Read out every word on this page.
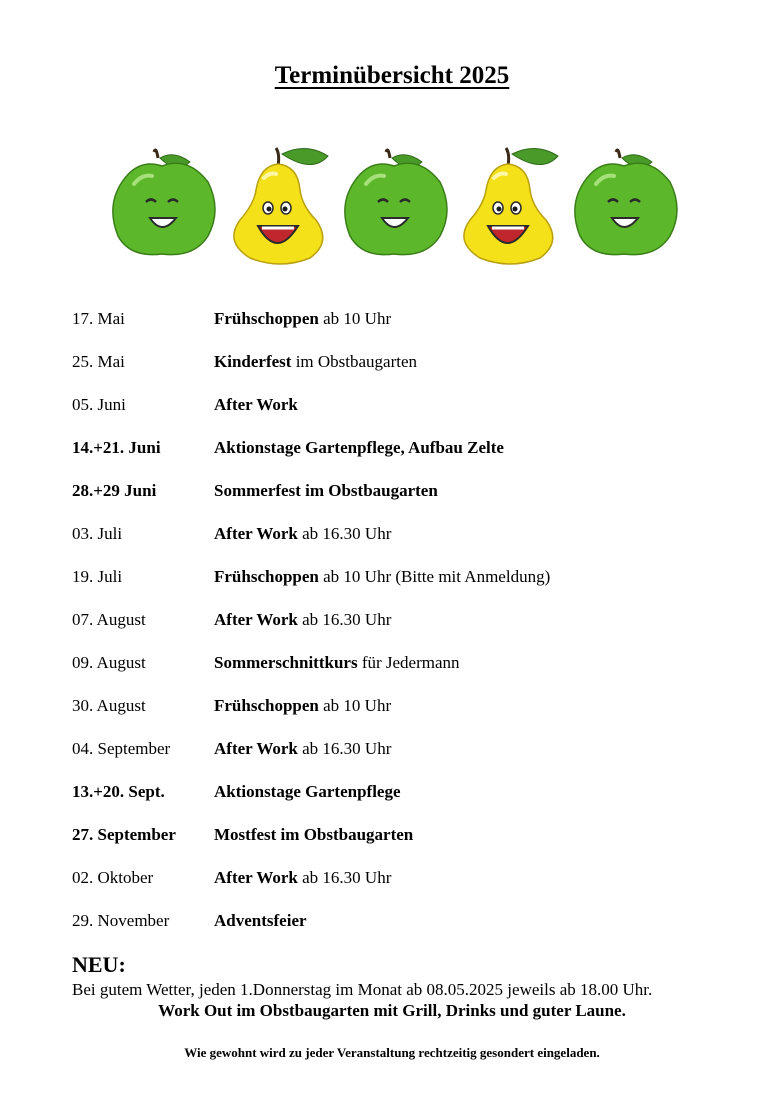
Terminübersicht 2025
17. Mai	Frühschoppen ab 10 Uhr
25. Mai	Kinderfest im Obstbaugarten
05. Juni	After Work
14.+21. Juni	Aktionstage Gartenpflege, Aufbau Zelte
28.+29 Juni	Sommerfest im Obstbaugarten
03. Juli	After Work ab 16.30 Uhr
19. Juli	Frühschoppen ab 10 Uhr (Bitte mit Anmeldung)
07. August	After Work ab 16.30 Uhr
09. August	Sommerschnittkurs für Jedermann
30. August	Frühschoppen ab 10 Uhr
04. September	After Work ab 16.30 Uhr
13.+20. Sept.	Aktionstage Gartenpflege
27. September Mostfest im Obstbaugarten
02. Oktober	After Work ab 16.30 Uhr
29. November	Adventsfeier
NEU:
Bei gutem Wetter, jeden 1.Donnerstag im Monat ab 08.05.2025 jeweils ab 18.00 Uhr.
Work Out im Obstbaugarten mit Grill, Drinks und guter Laune.
Wie gewohnt wird zu jeder Veranstaltung rechtzeitig gesondert eingeladen.
